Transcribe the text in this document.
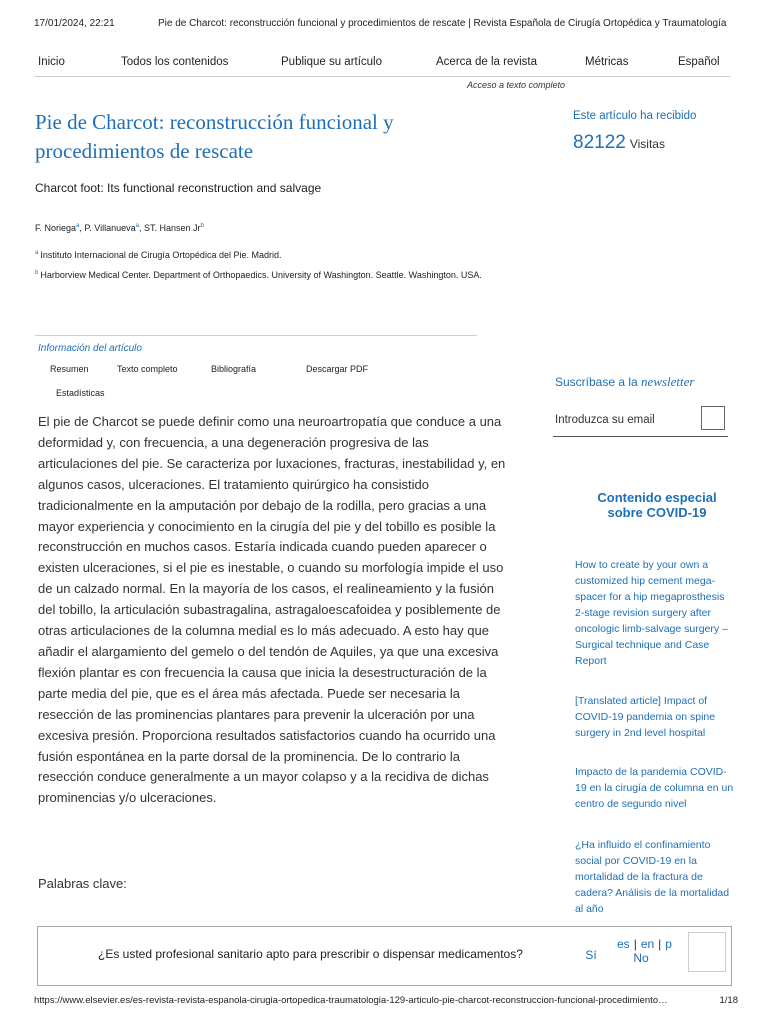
17/01/2024, 22:21	Pie de Charcot: reconstrucción funcional y procedimientos de rescate | Revista Española de Cirugía Ortopédica y Traumatología
Inicio	Todos los contenidos	Publique su artículo	Acerca de la revista	Métricas	Español
Acceso a texto completo
Pie de Charcot: reconstrucción funcional y procedimientos de rescate
Este artículo ha recibido
82122 Visitas
Charcot foot: Its functional reconstruction and salvage
F. Noriega$^a$, P. Villanueva$^a$, ST. Hansen Jr$^b$
$^a$ Instituto Internacional de Cirugía Ortopédica del Pie. Madrid.
$^b$ Harborview Medical Center. Department of Orthopaedics. University of Washington. Seattle. Washington. USA.
Información del artículo
Resumen	Texto completo	Bibliografía	Descargar PDF
Estadísticas

El pie de Charcot se puede definir como una neuroartropatía que conduce a una deformidad y, con frecuencia, a una degeneración progresiva de las articulaciones del pie. Se caracteriza por luxaciones, fracturas, inestabilidad y, en algunos casos, ulceraciones. El tratamiento quirúrgico ha consistido tradicionalmente en la amputación por debajo de la rodilla, pero gracias a una mayor experiencia y conocimiento en la cirugía del pie y del tobillo es posible la reconstrucción en muchos casos. Estaría indicada cuando pueden aparecer o existen ulceraciones, si el pie es inestable, o cuando su morfología impide el uso de un calzado normal. En la mayoría de los casos, el realineamiento y la fusión del tobillo, la articulación subastragalina, astragaloescafoidea y posiblemente de otras articulaciones de la columna medial es lo más adecuado. A esto hay que añadir el alargamiento del gemelo o del tendón de Aquiles, ya que una excesiva flexión plantar es con frecuencia la causa que inicia la desestructuración de la parte media del pie, que es el área más afectada. Puede ser necesaria la resección de las prominencias plantares para prevenir la ulceración por una excesiva presión. Proporciona resultados satisfactorios cuando ha ocurrido una fusión espontánea en la parte dorsal de la prominencia. De lo contrario la resección conduce generalmente a un mayor colapso y a la recidiva de dichas prominencias y/o ulceraciones.

Palabras clave:
Suscríbase a la newsletter
Introduzca su email
Contenido especial sobre COVID-19
How to create by your own a customized hip cement mega-spacer for a hip megaprosthesis 2-stage revision surgery after oncologic limb-salvage surgery – Surgical technique and Case Report
[Translated article] Impact of COVID-19 pandemia on spine surgery in 2nd level hospital
Impacto de la pandemia COVID-19 en la cirugía de columna en un centro de segundo nivel
¿Ha influido el confinamiento social por COVID-19 en la mortalidad de la fractura de cadera? Análisis de la mortalidad al año
¿Es usted profesional sanitario apto para prescribir o dispensar medicamentos?	Sí	No
es | en | p
https://www.elsevier.es/es-revista-revista-espanola-cirugia-ortopedica-traumatologia-129-articulo-pie-charcot-reconstruccion-funcional-procedimiento…	1/18
